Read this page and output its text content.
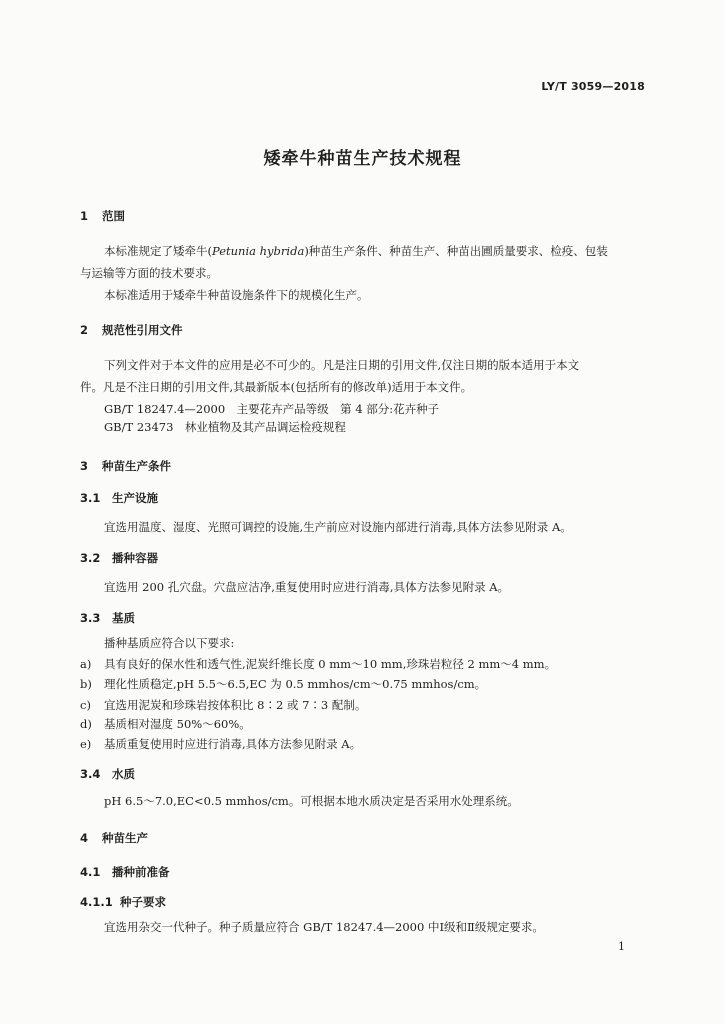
LY/T 3059—2018
矮牵牛种苗生产技术规程
1 范围
本标准规定了矮牵牛(Petunia hybrida)种苗生产条件、种苗生产、种苗出圃质量要求、检疫、包装
与运输等方面的技术要求。
本标准适用于矮牵牛种苗设施条件下的规模化生产。
2 规范性引用文件
下列文件对于本文件的应用是必不可少的。凡是注日期的引用文件,仅注日期的版本适用于本文
件。凡是不注日期的引用文件,其最新版本(包括所有的修改单)适用于本文件。
GB/T 18247.4—2000　主要花卉产品等级　第 4 部分:花卉种子
GB/T 23473　林业植物及其产品调运检疫规程
3 种苗生产条件
3.1 生产设施
宜选用温度、湿度、光照可调控的设施,生产前应对设施内部进行消毒,具体方法参见附录 A。
3.2 播种容器
宜选用 200 孔穴盘。穴盘应洁净,重复使用时应进行消毒,具体方法参见附录 A。
3.3 基质
播种基质应符合以下要求:
a) 具有良好的保水性和透气性,泥炭纤维长度 0 mm～10 mm,珍珠岩粒径 2 mm～4 mm。
b) 理化性质稳定,pH 5.5～6.5,EC 为 0.5 mmhos/cm～0.75 mmhos/cm。
c) 宜选用泥炭和珍珠岩按体积比 8∶2 或 7∶3 配制。
d) 基质相对湿度 50%～60%。
e) 基质重复使用时应进行消毒,具体方法参见附录 A。
3.4 水质
pH 6.5～7.0,EC<0.5 mmhos/cm。可根据本地水质决定是否采用水处理系统。
4 种苗生产
4.1 播种前准备
4.1.1 种子要求
宜选用杂交一代种子。种子质量应符合 GB/T 18247.4—2000 中Ⅰ级和Ⅱ级规定要求。
1
